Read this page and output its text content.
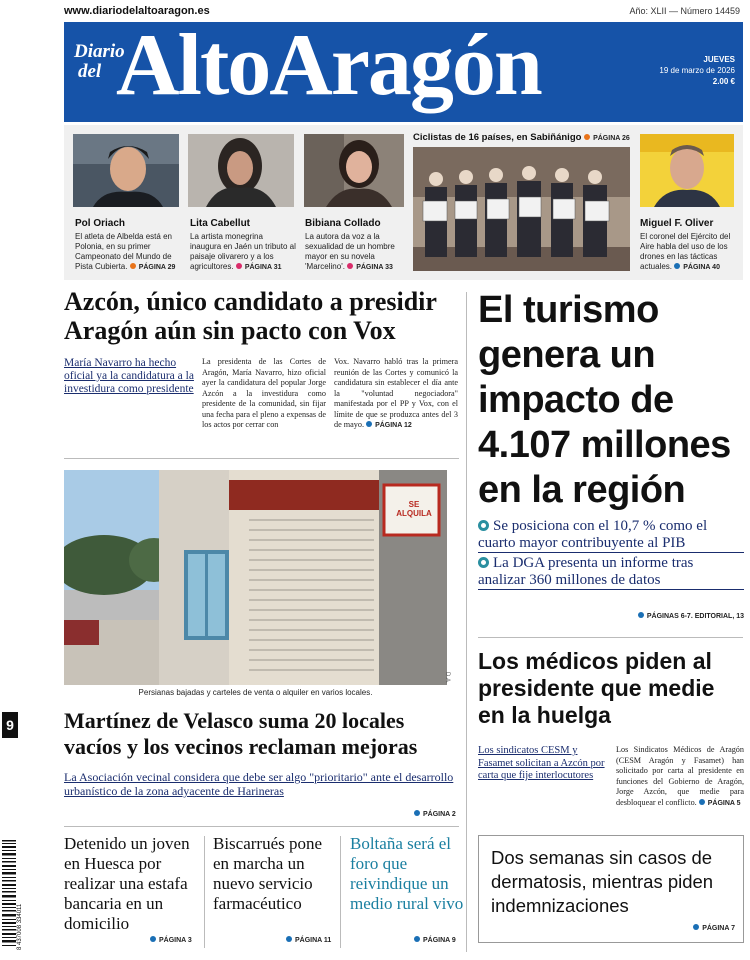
www.diariodelaltoaragon.es	Año: XLII — Número 14459
Diario
del AltoAragón	JUEVES
19 de marzo de 2026
2.00 €
Pol Oriach
El atleta de Albelda está en Polonia, en su primer Campeonato del Mundo de Pista Cubierta. PÁGINA 29
Lita Cabellut
La artista monegrina inaugura en Jaén un tributo al paisaje olivarero y a los agricultores. PÁGINA 31
Bibiana Collado
La autora da voz a la sexualidad de un hombre mayor en su novela 'Marcelino'. PÁGINA 33
Ciclistas de 16 países, en Sabiñánigo PÁGINA 26
Miguel F. Oliver
El coronel del Ejército del Aire habla del uso de los drones en las tácticas actuales. PÁGINA 40
Azcón, único candidato a presidir Aragón aún sin pacto con Vox
María Navarro ha hecho oficial ya la candidatura a la investidura como presidente
La presidenta de las Cortes de Aragón, María Navarro, hizo oficial ayer la candidatura del popular Jorge Azcón a la investidura como presidente de la comunidad, sin fijar una fecha para el pleno a expensas de los actos por cerrar con
Vox. Navarro habló tras la primera reunión de las Cortes y comunicó la candidatura sin establecer el día ante la "voluntad negociadora" manifestada por el PP y Vox, con el límite de que se produzca antes del 3 de mayo. PÁGINA 12
El turismo genera un impacto de 4.107 millones en la región
Se posiciona con el 10,7 % como el cuarto mayor contribuyente al PIB
La DGA presenta un informe tras analizar 360 millones de datos
PÁGINAS 6-7. EDITORIAL, 13
SE ALQUILA
D.A.
Persianas bajadas y carteles de venta o alquiler en varios locales.
Martínez de Velasco suma 20 locales vacíos y los vecinos reclaman mejoras
La Asociación vecinal considera que debe ser algo "prioritario" ante el desarrollo urbanístico de la zona adyacente de Harineras
PÁGINA 2
Los médicos piden al presidente que medie en la huelga
Los sindicatos CESM y Fasamet solicitan a Azcón por carta que fije interlocutores
Los Sindicatos Médicos de Aragón (CESM Aragón y Fasamet) han solicitado por carta al presidente en funciones del Gobierno de Aragón, Jorge Azcón, que medie para desbloquear el conflicto. PÁGINA 5
Detenido un joven en Huesca por realizar una estafa bancaria en un domicilio
PÁGINA 3
Biscarrués pone en marcha un nuevo servicio farmacéutico
PÁGINA 11
Boltaña será el foro que reivindique un medio rural vivo
PÁGINA 9
Dos semanas sin casos de dermatosis, mientras piden indemnizaciones
PÁGINA 7
9
8 437008 334011
